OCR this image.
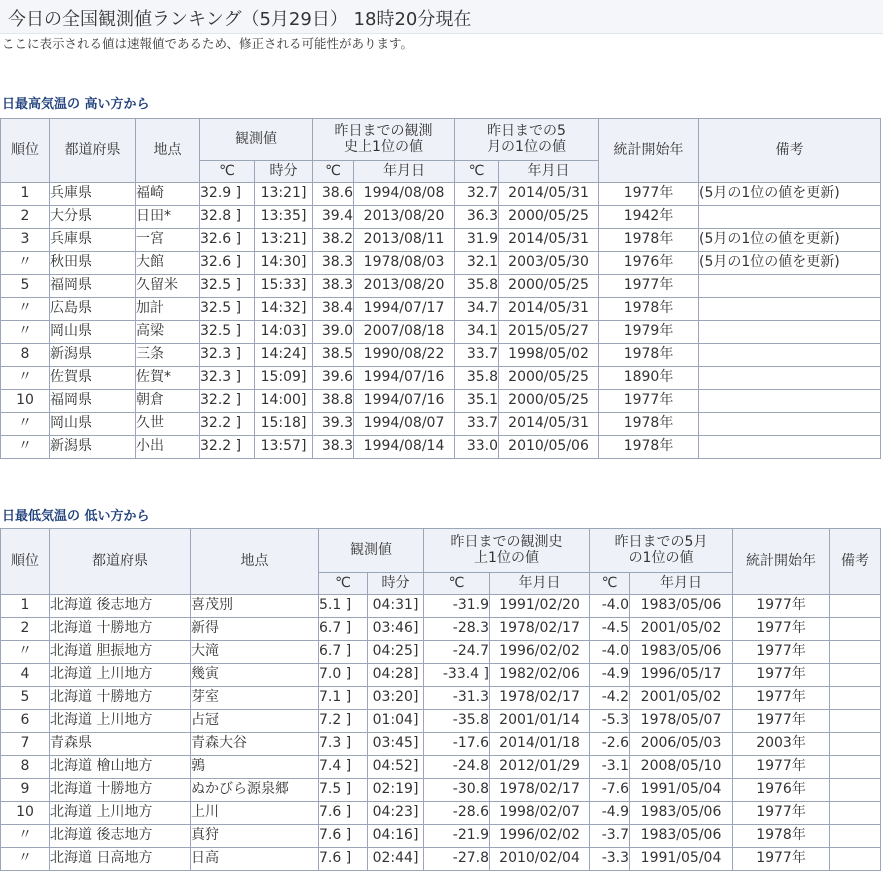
今日の全国観測値ランキング（5月29日） 18時20分現在
ここに表示される値は速報値であるため、修正される可能性があります。
日最高気温の 高い方から
順位	都道府県	地点	観測値		昨日までの観測史上1位の値		昨日までの5月の1位の値		統計開始年	備考
			℃	時分	℃	年月日	℃	年月日		
1	兵庫県	福崎	32.9 ]	13:21]	38.6	1994/08/08	32.7	2014/05/31	1977年	(5月の1位の値を更新)
2	大分県	日田*	32.8 ]	13:35]	39.4	2013/08/20	36.3	2000/05/25	1942年	
3	兵庫県	一宮	32.6 ]	13:21]	38.2	2013/08/11	31.9	2014/05/31	1978年	(5月の1位の値を更新)
〃	秋田県	大館	32.6 ]	14:30]	38.3	1978/08/03	32.1	2003/05/30	1976年	(5月の1位の値を更新)
5	福岡県	久留米	32.5 ]	15:33]	38.3	2013/08/20	35.8	2000/05/25	1977年	
〃	広島県	加計	32.5 ]	14:32]	38.4	1994/07/17	34.7	2014/05/31	1978年	
〃	岡山県	高梁	32.5 ]	14:03]	39.0	2007/08/18	34.1	2015/05/27	1979年	
8	新潟県	三条	32.3 ]	14:24]	38.5	1990/08/22	33.7	1998/05/02	1978年	
〃	佐賀県	佐賀*	32.3 ]	15:09]	39.6	1994/07/16	35.8	2000/05/25	1890年	
10	福岡県	朝倉	32.2 ]	14:00]	38.8	1994/07/16	35.1	2000/05/25	1977年	
〃	岡山県	久世	32.2 ]	15:18]	39.3	1994/08/07	33.7	2014/05/31	1978年	
〃	新潟県	小出	32.2 ]	13:57]	38.3	1994/08/14	33.0	2010/05/06	1978年	
日最低気温の 低い方から
順位	都道府県	地点	観測値		昨日までの観測史上1位の値		昨日までの5月の1位の値		統計開始年	備考
			℃	時分	℃	年月日	℃	年月日		
1	北海道 後志地方	喜茂別	5.1 ]	04:31]	-31.9	1991/02/20	-4.0	1983/05/06	1977年	
2	北海道 十勝地方	新得	6.7 ]	03:46]	-28.3	1978/02/17	-4.5	2001/05/02	1977年	
〃	北海道 胆振地方	大滝	6.7 ]	04:25]	-24.7	1996/02/02	-4.0	1983/05/06	1977年	
4	北海道 上川地方	幾寅	7.0 ]	04:28]	-33.4 ]	1982/02/06	-4.9	1996/05/17	1977年	
5	北海道 十勝地方	芽室	7.1 ]	03:20]	-31.3	1978/02/17	-4.2	2001/05/02	1977年	
6	北海道 上川地方	占冠	7.2 ]	01:04]	-35.8	2001/01/14	-5.3	1978/05/07	1977年	
7	青森県	青森大谷	7.3 ]	03:45]	-17.6	2014/01/18	-2.6	2006/05/03	2003年	
8	北海道 檜山地方	鶉	7.4 ]	04:52]	-24.8	2012/01/29	-3.1	2008/05/10	1977年	
9	北海道 十勝地方	ぬかびら源泉郷	7.5 ]	02:19]	-30.8	1978/02/17	-7.6	1991/05/04	1976年	
10	北海道 上川地方	上川	7.6 ]	04:23]	-28.6	1998/02/07	-4.9	1983/05/06	1977年	
〃	北海道 後志地方	真狩	7.6 ]	04:16]	-21.9	1996/02/02	-3.7	1983/05/06	1978年	
〃	北海道 日高地方	日高	7.6 ]	02:44]	-27.8	2010/02/04	-3.3	1991/05/04	1977年	
